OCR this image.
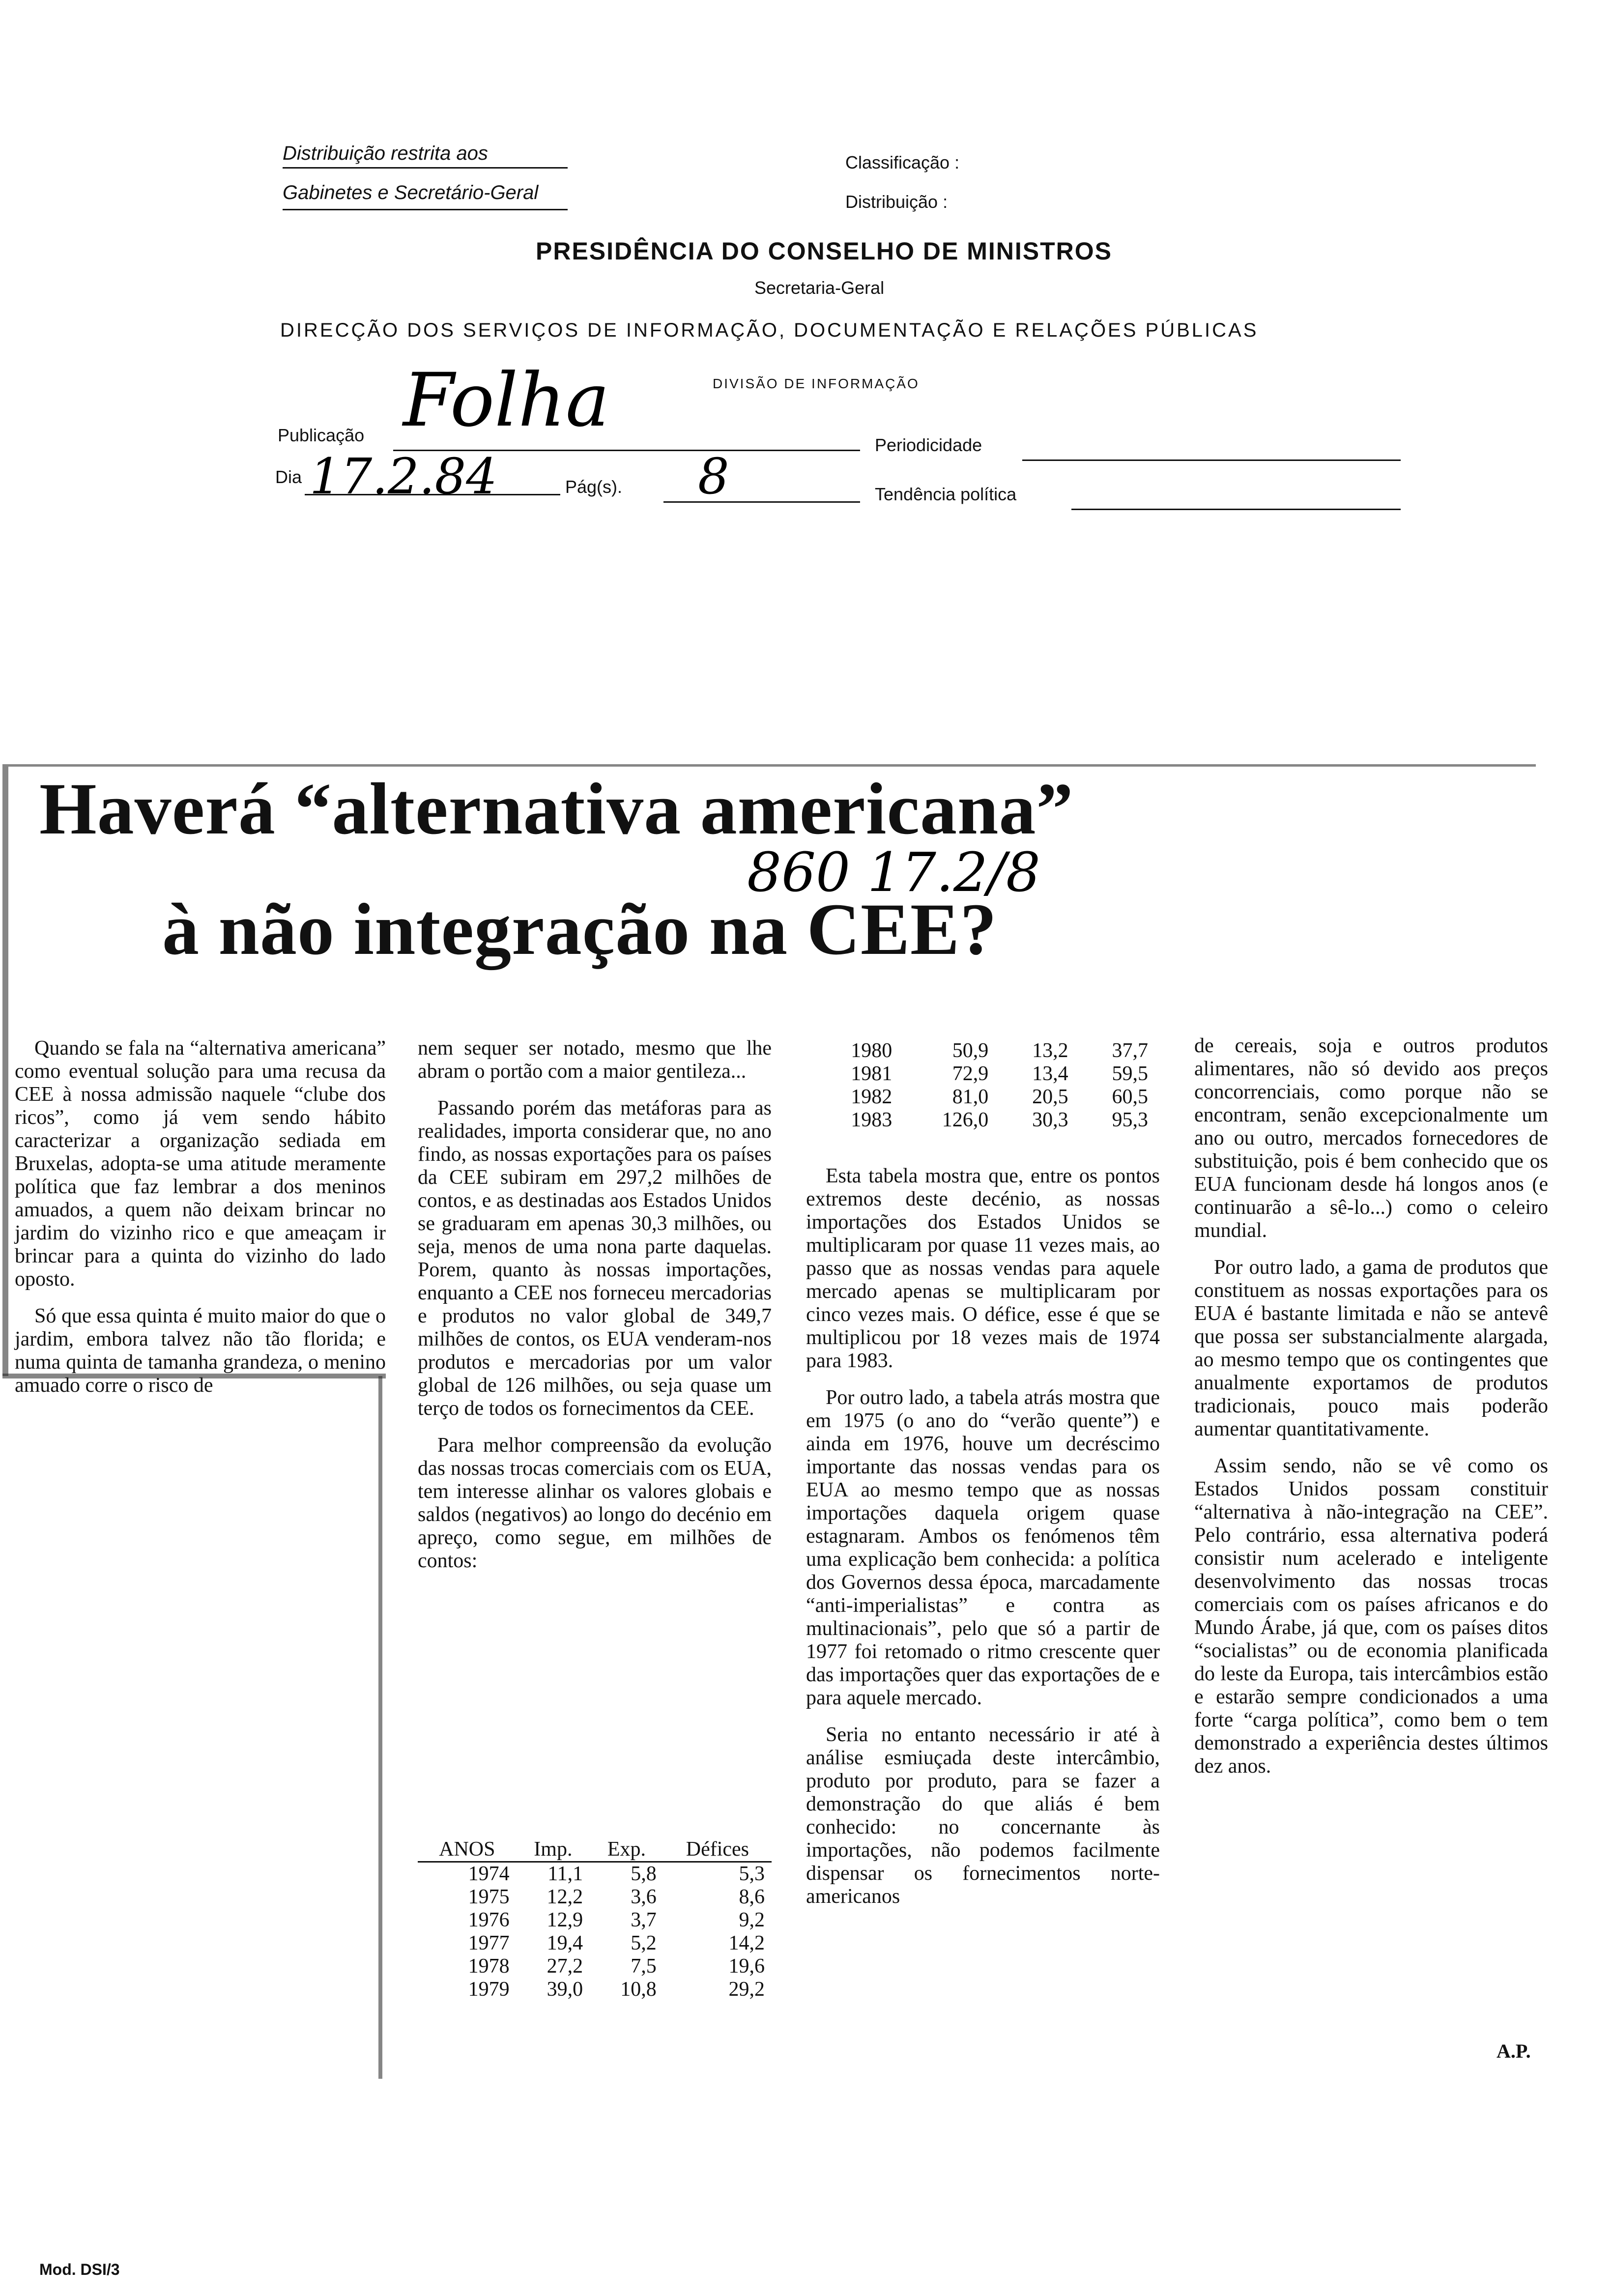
Distribuição restrita aos
Gabinetes e Secretário-Geral
Classificação :
Distribuição :
PRESIDÊNCIA DO CONSELHO DE MINISTROS
Secretaria-Geral
DIRECÇÃO DOS SERVIÇOS DE INFORMAÇÃO, DOCUMENTAÇÃO E RELAÇÕES PÚBLICAS
DIVISÃO DE INFORMAÇÃO
Publicação Folha
Dia 17.2.84	Pág(s). 8
Periodicidade
Tendência política
Haverá “alternativa americana”
à não integração na CEE?
860 17.2/8

Quando se fala na “alternativa americana” como eventual solução para uma recusa da CEE à nossa admissão naquele “clube dos ricos”, como já vem sendo hábito caracterizar a organização sediada em Bruxelas, adopta-se uma atitude meramente política que faz lembrar a dos meninos amuados, a quem não deixam brincar no jardim do vizinho rico e que ameaçam ir brincar para a quinta do vizinho do lado oposto.

Só que essa quinta é muito maior do que o jardim, embora talvez não tão florida; e numa quinta de tamanha grandeza, o menino amuado corre o risco de

nem sequer ser notado, mesmo que lhe abram o portão com a maior gentileza...

Passando porém das metáforas para as realidades, importa considerar que, no ano findo, as nossas exportações para os países da CEE subiram em 297,2 milhões de contos, e as destinadas aos Estados Unidos se graduaram em apenas 30,3 milhões, ou seja, menos de uma nona parte daquelas. Porem, quanto às nossas importações, enquanto a CEE nos forneceu mercadorias e produtos no valor global de 349,7 milhões de contos, os EUA venderam-nos produtos e mercadorias por um valor global de 126 milhões, ou seja quase um terço de todos os fornecimentos da CEE.

Para melhor compreensão da evolução das nossas trocas comerciais com os EUA, tem interesse alinhar os valores globais e saldos (negativos) ao longo do decénio em apreço, como segue, em milhões de contos:

ANOS	Imp.	Exp.	Défices
1974	11,1	5,8	5,3
1975	12,2	3,6	8,6
1976	12,9	3,7	9,2
1977	19,4	5,2	14,2
1978	27,2	7,5	19,6
1979	39,0	10,8	29,2
1980	50,9	13,2	37,7
1981	72,9	13,4	59,5
1982	81,0	20,5	60,5
1983	126,0	30,3	95,3

Esta tabela mostra que, entre os pontos extremos deste decénio, as nossas importações dos Estados Unidos se multiplicaram por quase 11 vezes mais, ao passo que as nossas vendas para aquele mercado apenas se multiplicaram por cinco vezes mais. O défice, esse é que se multiplicou por 18 vezes mais de 1974 para 1983.

Por outro lado, a tabela atrás mostra que em 1975 (o ano do “verão quente”) e ainda em 1976, houve um decréscimo importante das nossas vendas para os EUA ao mesmo tempo que as nossas importações daquela origem quase estagnaram. Ambos os fenómenos têm uma explicação bem conhecida: a política dos Governos dessa época, marcadamente “anti-imperialistas” e contra as multinacionais”, pelo que só a partir de 1977 foi retomado o ritmo crescente quer das importações quer das exportações de e para aquele mercado.

Seria no entanto necessário ir até à análise esmiuçada deste intercâmbio, produto por produto, para se fazer a demonstração do que aliás é bem conhecido: no concernante às importações, não podemos facilmente dispensar os fornecimentos norte-americanos

de cereais, soja e outros produtos alimentares, não só devido aos preços concorrenciais, como porque não se encontram, senão excepcionalmente um ano ou outro, mercados fornecedores de substituição, pois é bem conhecido que os EUA funcionam desde há longos anos (e continuarão a sê-lo...) como o celeiro mundial.

Por outro lado, a gama de produtos que constituem as nossas exportações para os EUA é bastante limitada e não se antevê que possa ser substancialmente alargada, ao mesmo tempo que os contingentes que anualmente exportamos de produtos tradicionais, pouco mais poderão aumentar quantitativamente.

Assim sendo, não se vê como os Estados Unidos possam constituir “alternativa à não-integração na CEE”. Pelo contrário, essa alternativa poderá consistir num acelerado e inteligente desenvolvimento das nossas trocas comerciais com os países africanos e do Mundo Árabe, já que, com os países ditos “socialistas” ou de economia planificada do leste da Europa, tais intercâmbios estão e estarão sempre condicionados a uma forte “carga política”, como bem o tem demonstrado a experiência destes últimos dez anos.

A.P.
Mod. DSI/3
